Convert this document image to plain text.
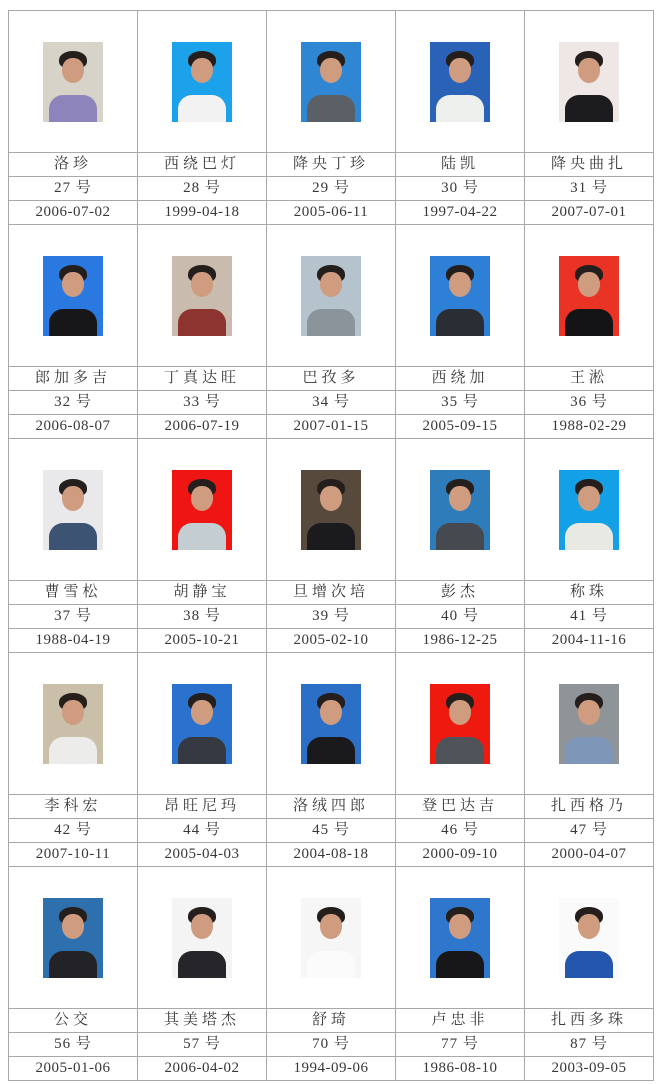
洛珍
27 号
2006-07-02
西绕巴灯
28 号
1999-04-18
降央丁珍
29 号
2005-06-11
陆凯
30 号
1997-04-22
降央曲扎
31 号
2007-07-01
郎加多吉
32 号
2006-08-07
丁真达旺
33 号
2006-07-19
巴孜多
34 号
2007-01-15
西绕加
35 号
2005-09-15
王淞
36 号
1988-02-29
曹雪松
37 号
1988-04-19
胡静宝
38 号
2005-10-21
旦增次培
39 号
2005-02-10
彭杰
40 号
1986-12-25
称珠
41 号
2004-11-16
李科宏
42 号
2007-10-11
昂旺尼玛
44 号
2005-04-03
洛绒四郎
45 号
2004-08-18
登巴达吉
46 号
2000-09-10
扎西格乃
47 号
2000-04-07
公交
56 号
2005-01-06
其美塔杰
57 号
2006-04-02
舒琦
70 号
1994-09-06
卢忠非
77 号
1986-08-10
扎西多珠
87 号
2003-09-05
